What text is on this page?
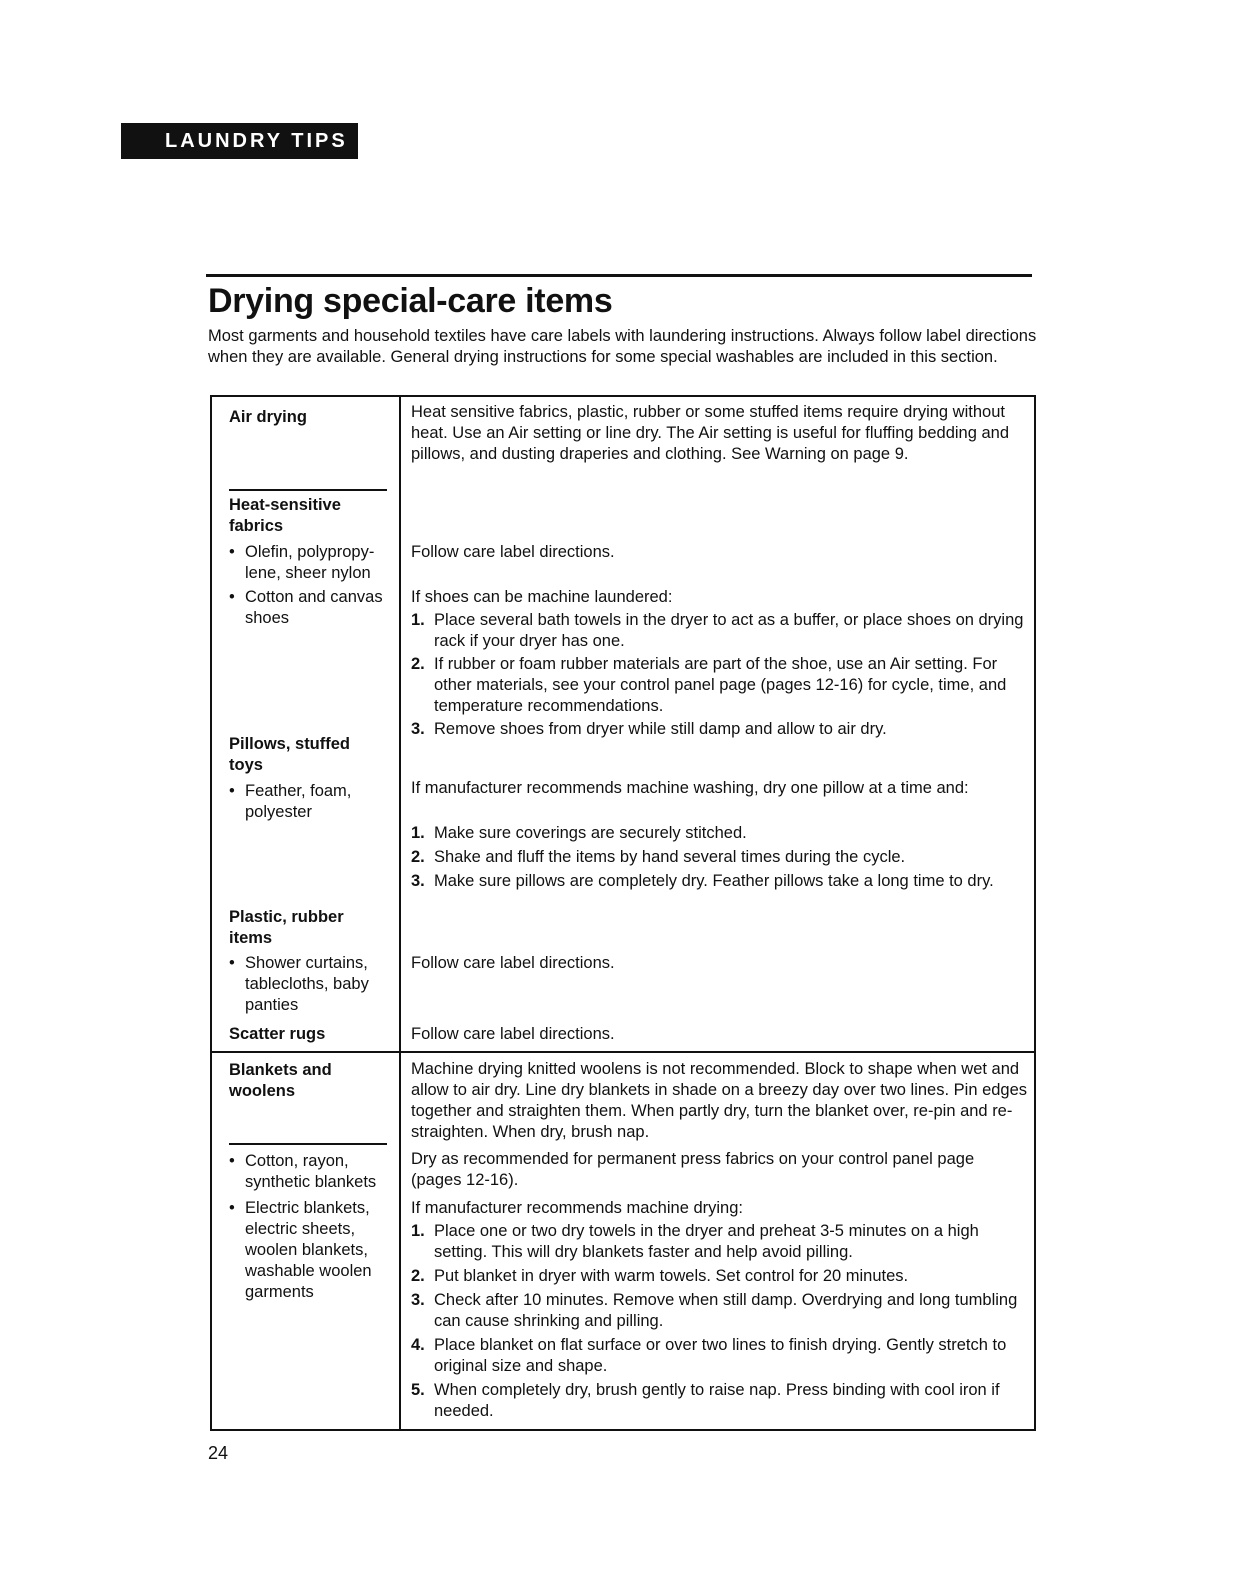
LAUNDRY TIPS
Drying special-care items

Most garments and household textiles have care labels with laundering instructions. Always follow label directions when they are available. General drying instructions for some special washables are included in this section.

Air drying
Heat-sensitive fabrics
• Olefin, polypropy-lene, sheer nylon
• Cotton and canvas shoes
Pillows, stuffed toys
• Feather, foam, polyester
Plastic, rubber items
• Shower curtains, tablecloths, baby panties
Scatter rugs
Blankets and woolens
• Cotton, rayon, synthetic blankets
• Electric blankets, electric sheets, woolen blankets, washable woolen garments

Heat sensitive fabrics, plastic, rubber or some stuffed items require drying without heat. Use an Air setting or line dry. The Air setting is useful for fluffing bedding and pillows, and dusting draperies and clothing. See Warning on page 9.

Follow care label directions.

If shoes can be machine laundered:

1. Place several bath towels in the dryer to act as a buffer, or place shoes on drying rack if your dryer has one.
2. If rubber or foam rubber materials are part of the shoe, use an Air setting. For other materials, see your control panel page (pages 12-16) for cycle, time, and temperature recommendations.
3. Remove shoes from dryer while still damp and allow to air dry.

If manufacturer recommends machine washing, dry one pillow at a time and:

1. Make sure coverings are securely stitched.
2. Shake and fluff the items by hand several times during the cycle.
3. Make sure pillows are completely dry. Feather pillows take a long time to dry.

Follow care label directions.

Follow care label directions.

Machine drying knitted woolens is not recommended. Block to shape when wet and allow to air dry. Line dry blankets in shade on a breezy day over two lines. Pin edges together and straighten them. When partly dry, turn the blanket over, re-pin and re-straighten. When dry, brush nap.

Dry as recommended for permanent press fabrics on your control panel page (pages 12-16).

If manufacturer recommends machine drying:

1. Place one or two dry towels in the dryer and preheat 3-5 minutes on a high setting. This will dry blankets faster and help avoid pilling.
2. Put blanket in dryer with warm towels. Set control for 20 minutes.
3. Check after 10 minutes. Remove when still damp. Overdrying and long tumbling can cause shrinking and pilling.
4. Place blanket on flat surface or over two lines to finish drying. Gently stretch to original size and shape.
5. When completely dry, brush gently to raise nap. Press binding with cool iron if needed.
24
